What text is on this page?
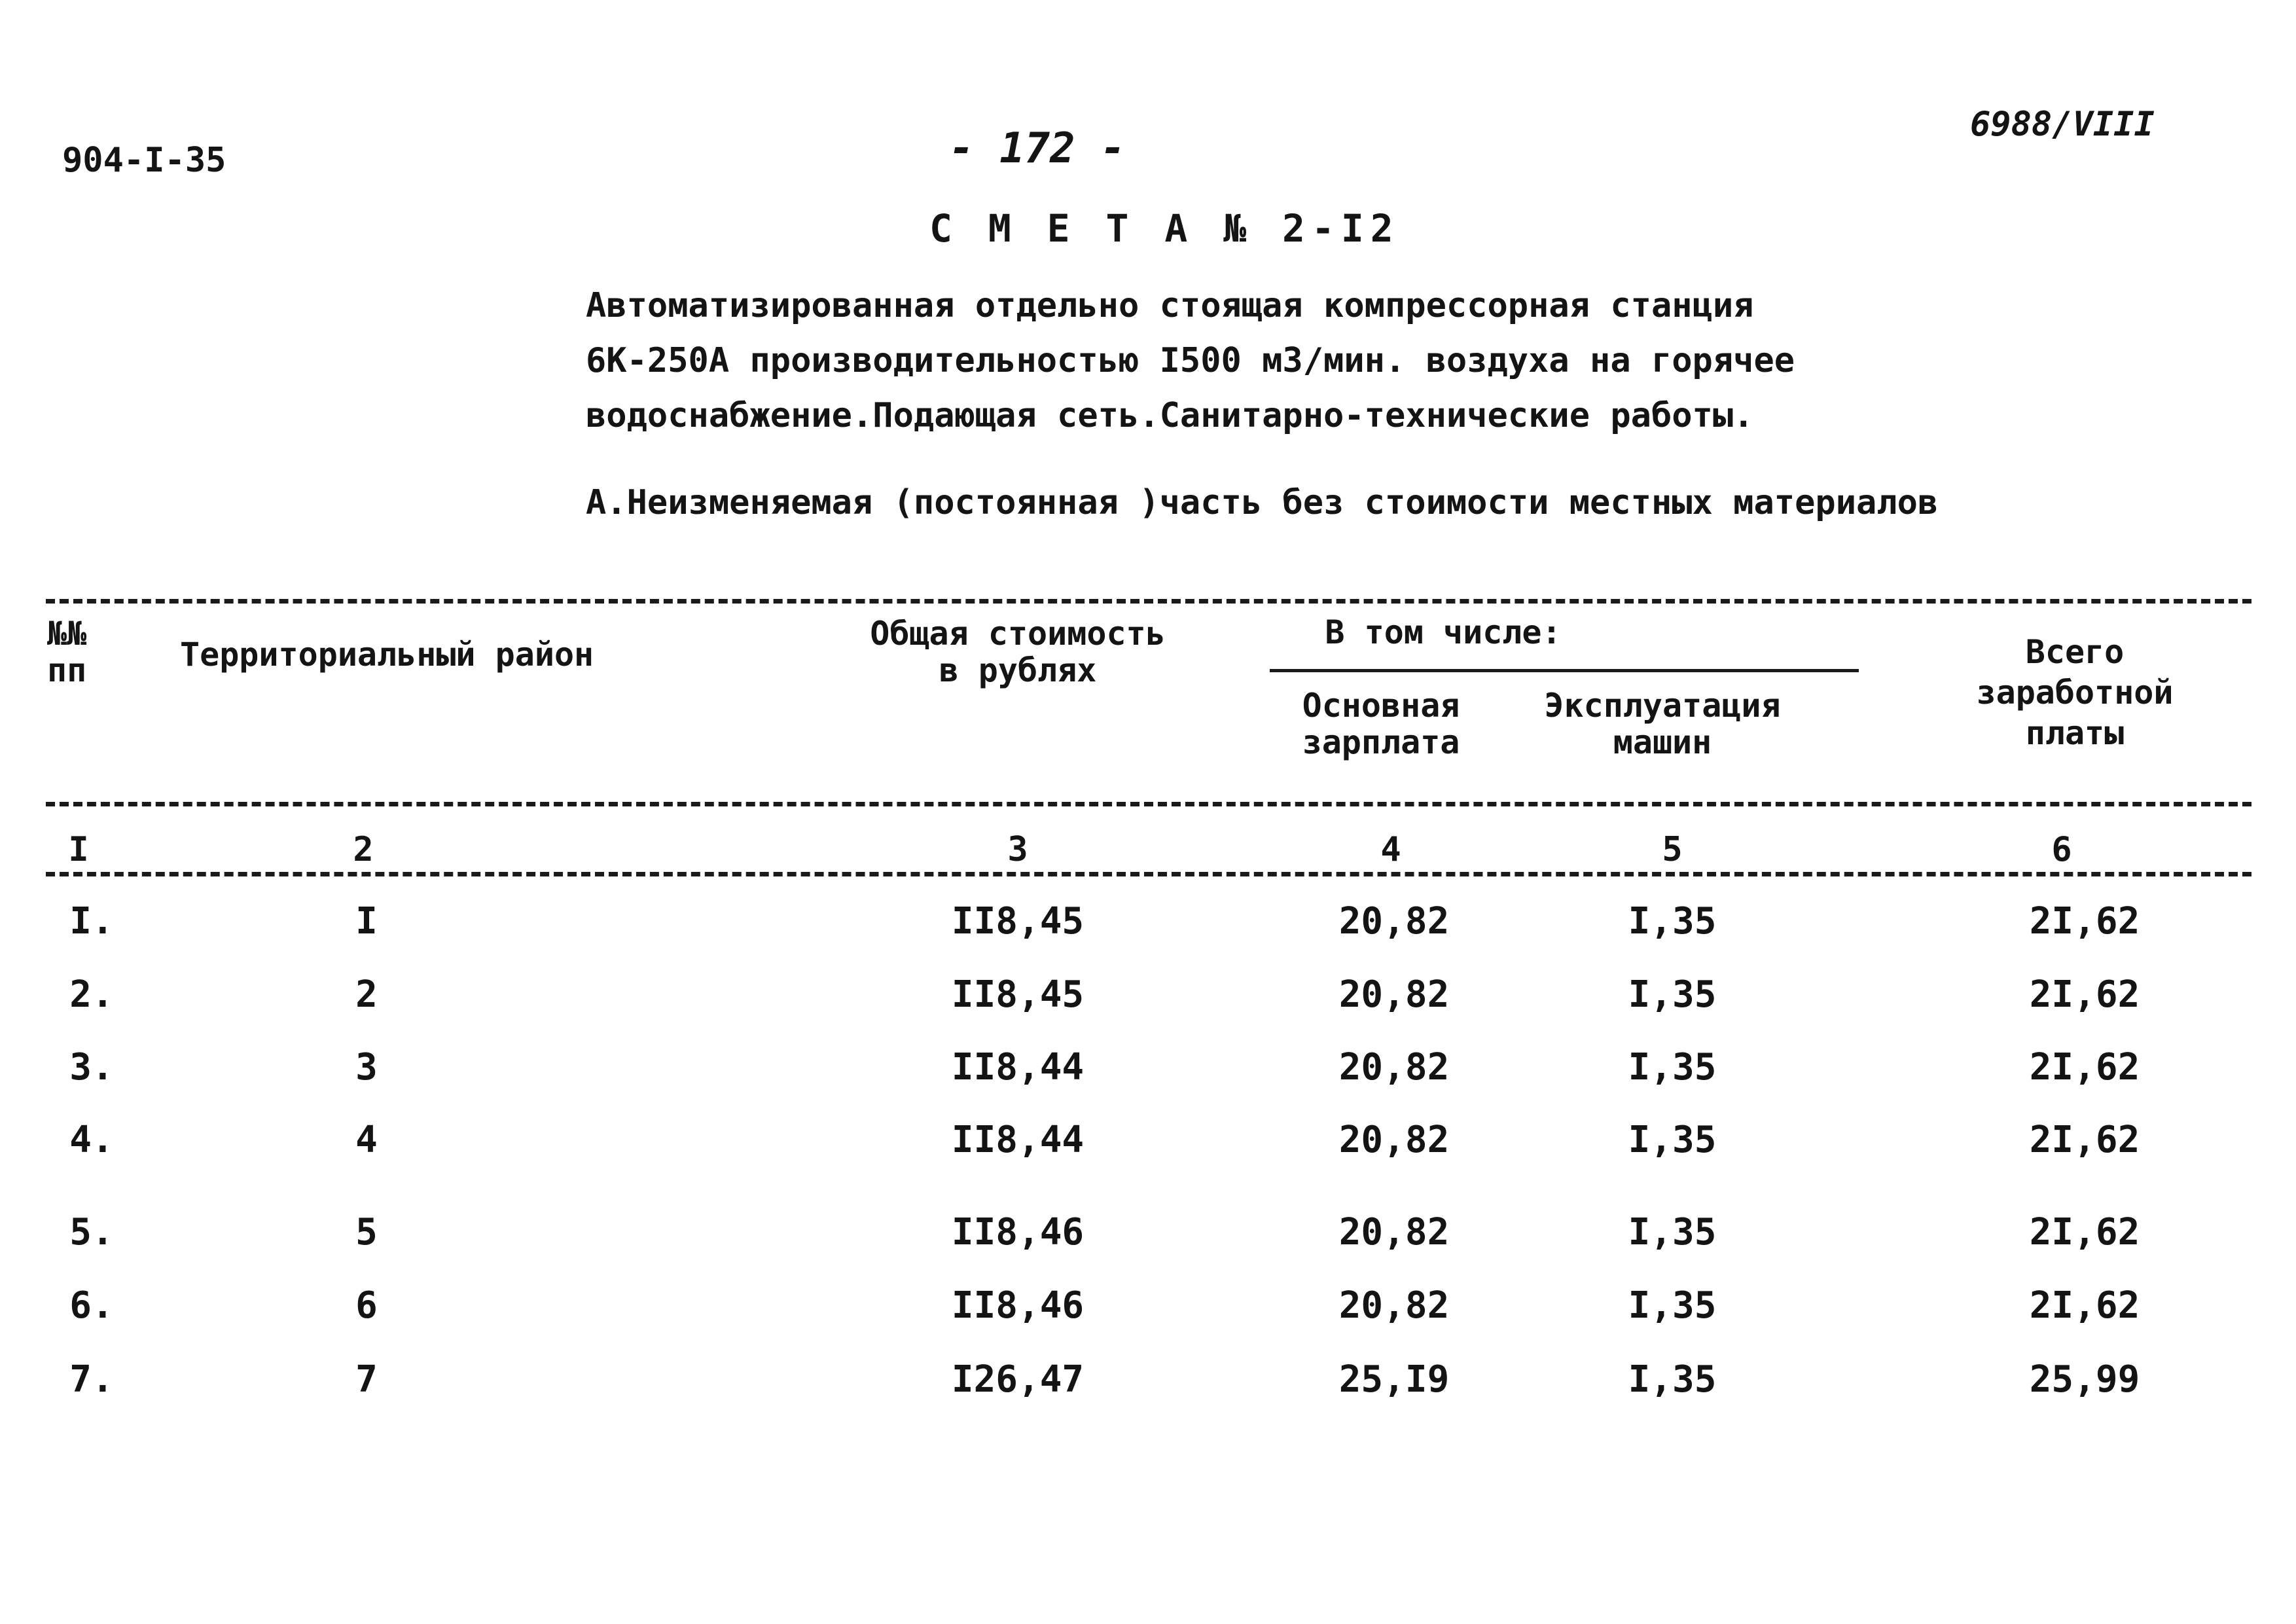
904-I-35	- 172 -	6988/VIII
С М Е Т А № 2-I2
Автоматизированная отдельно стоящая компрессорная станция
6К-250А производительностью I500 м3/мин. воздуха на горячее
водоснабжение.Подающая сеть.Санитарно-технические работы.
А.Неизменяемая (постоянная )часть без стоимости местных материалов
№№
пп	Территориальный район
Общая стоимость
в рублях
В том числе:
Основная
зарплата
Эксплуатация
машин
Всего
заработной
платы
I	2	3	4	5	6
I.	I	II8,45	20,82	I,35	2I,62
2.	2	II8,45	20,82	I,35	2I,62
3.	3	II8,44	20,82	I,35	2I,62
4.	4	II8,44	20,82	I,35	2I,62
5.	5	II8,46	20,82	I,35	2I,62
6.	6	II8,46	20,82	I,35	2I,62
7.	7	I26,47	25,I9	I,35	25,99
